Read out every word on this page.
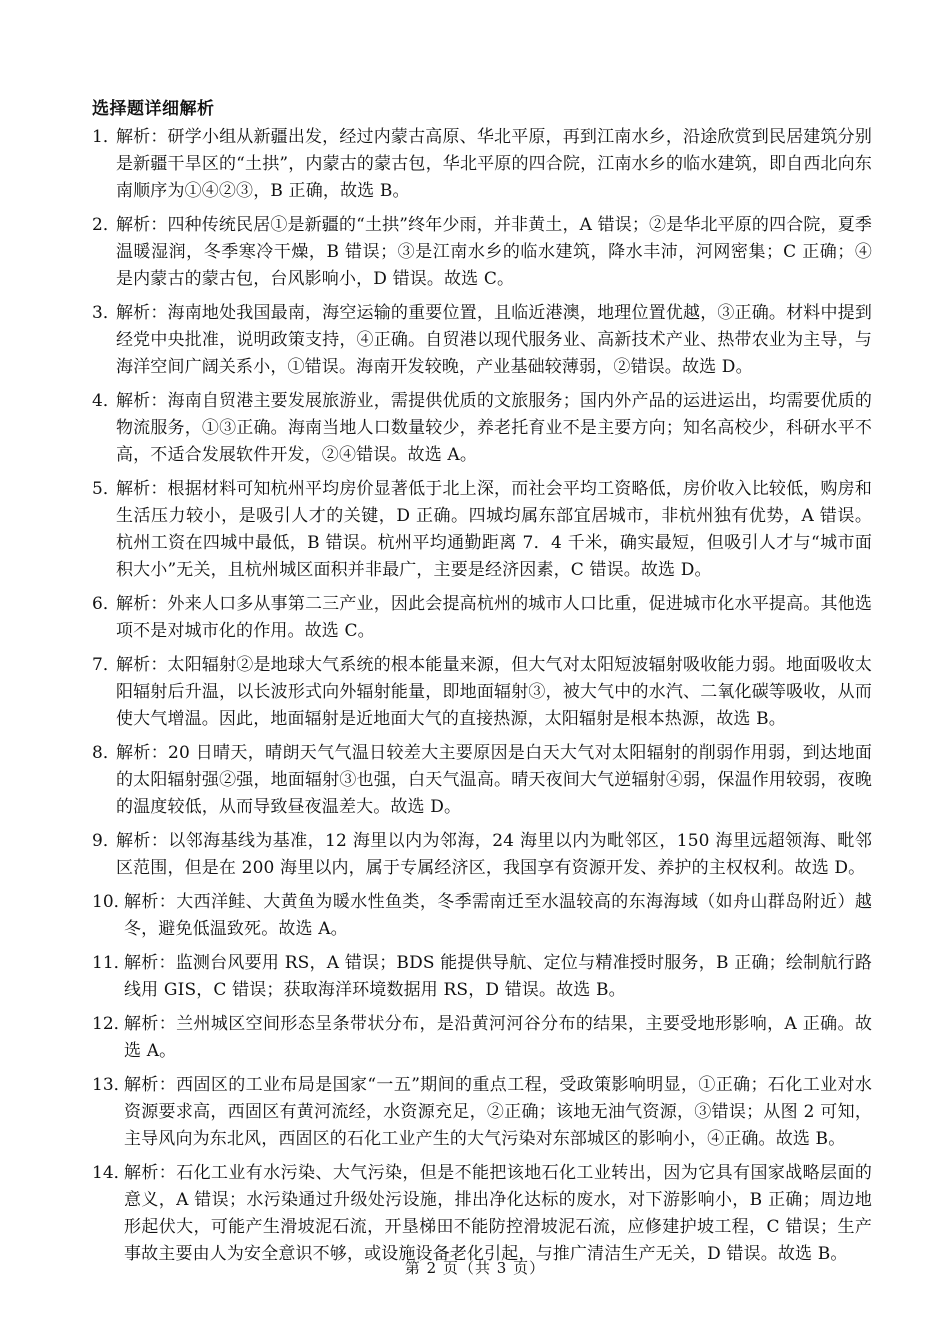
选择题详细解析
1．
解析：研学小组从新疆出发，经过内蒙古高原、华北平原，再到江南水乡，沿途欣赏到民居建筑分别是新疆干旱区的“土拱”，内蒙古的蒙古包，华北平原的四合院，江南水乡的临水建筑，即自西北向东南顺序为①④②③，B 正确，故选 B。
2．
解析：四种传统民居①是新疆的“土拱”终年少雨，并非黄土，A 错误；②是华北平原的四合院，夏季温暖湿润，冬季寒冷干燥，B 错误；③是江南水乡的临水建筑，降水丰沛，河网密集；C 正确；④是内蒙古的蒙古包，台风影响小，D 错误。故选 C。
3．
解析：海南地处我国最南，海空运输的重要位置，且临近港澳，地理位置优越，③正确。材料中提到经党中央批准，说明政策支持，④正确。自贸港以现代服务业、高新技术产业、热带农业为主导，与海洋空间广阔关系小，①错误。海南开发较晚，产业基础较薄弱，②错误。故选 D。
4．
解析：海南自贸港主要发展旅游业，需提供优质的文旅服务；国内外产品的运进运出，均需要优质的物流服务，①③正确。海南当地人口数量较少，养老托育业不是主要方向；知名高校少，科研水平不高，不适合发展软件开发，②④错误。故选 A。
5．
解析：根据材料可知杭州平均房价显著低于北上深，而社会平均工资略低，房价收入比较低，购房和生活压力较小，是吸引人才的关键，D 正确。四城均属东部宜居城市，非杭州独有优势，A 错误。杭州工资在四城中最低，B 错误。杭州平均通勤距离 7．4 千米，确实最短，但吸引人才与“城市面积大小”无关，且杭州城区面积并非最广，主要是经济因素，C 错误。故选 D。
6．
解析：外来人口多从事第二三产业，因此会提高杭州的城市人口比重，促进城市化水平提高。其他选项不是对城市化的作用。故选 C。
7．
解析：太阳辐射②是地球大气系统的根本能量来源，但大气对太阳短波辐射吸收能力弱。地面吸收太阳辐射后升温，以长波形式向外辐射能量，即地面辐射③，被大气中的水汽、二氧化碳等吸收，从而使大气增温。因此，地面辐射是近地面大气的直接热源，太阳辐射是根本热源，故选 B。
8．
解析：20 日晴天，晴朗天气气温日较差大主要原因是白天大气对太阳辐射的削弱作用弱，到达地面的太阳辐射强②强，地面辐射③也强，白天气温高。晴天夜间大气逆辐射④弱，保温作用较弱，夜晚的温度较低，从而导致昼夜温差大。故选 D。
9．
解析：以邻海基线为基准，12 海里以内为邻海，24 海里以内为毗邻区，150 海里远超领海、毗邻区范围，但是在 200 海里以内，属于专属经济区，我国享有资源开发、养护的主权权利。故选 D。
10．
解析：大西洋鲑、大黄鱼为暖水性鱼类，冬季需南迁至水温较高的东海海域（如舟山群岛附近）越冬，避免低温致死。故选 A。
11．
解析：监测台风要用 RS，A 错误；BDS 能提供导航、定位与精准授时服务，B 正确；绘制航行路线用 GIS，C 错误；获取海洋环境数据用 RS，D 错误。故选 B。
12．
解析：兰州城区空间形态呈条带状分布，是沿黄河河谷分布的结果，主要受地形影响，A 正确。故选 A。
13．
解析：西固区的工业布局是国家“一五”期间的重点工程，受政策影响明显，①正确；石化工业对水资源要求高，西固区有黄河流经，水资源充足，②正确；该地无油气资源，③错误；从图 2 可知，主导风向为东北风，西固区的石化工业产生的大气污染对东部城区的影响小，④正确。故选 B。
14．
解析：石化工业有水污染、大气污染，但是不能把该地石化工业转出，因为它具有国家战略层面的意义，A 错误；水污染通过升级处污设施，排出净化达标的废水，对下游影响小，B 正确；周边地形起伏大，可能产生滑坡泥石流，开垦梯田不能防控滑坡泥石流，应修建护坡工程，C 错误；生产事故主要由人为安全意识不够，或设施设备老化引起，与推广清洁生产无关，D 错误。故选 B。
第 2 页（共 3 页）
